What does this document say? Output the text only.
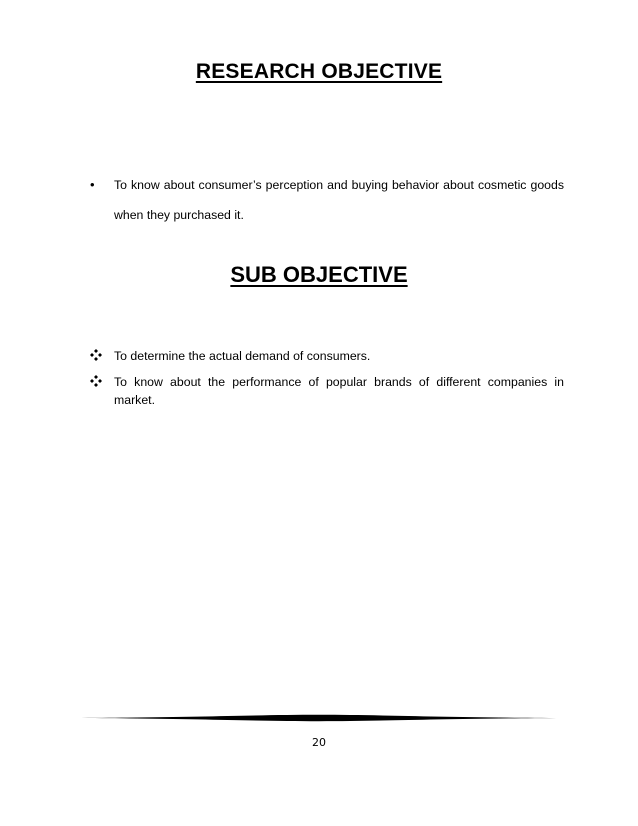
RESEARCH OBJECTIVE
•	To know about consumer’s perception and buying behavior about cosmetic goods when they purchased it.
SUB OBJECTIVE
To determine the actual demand of consumers.
To know about the performance of popular brands of different companies in market.
20
